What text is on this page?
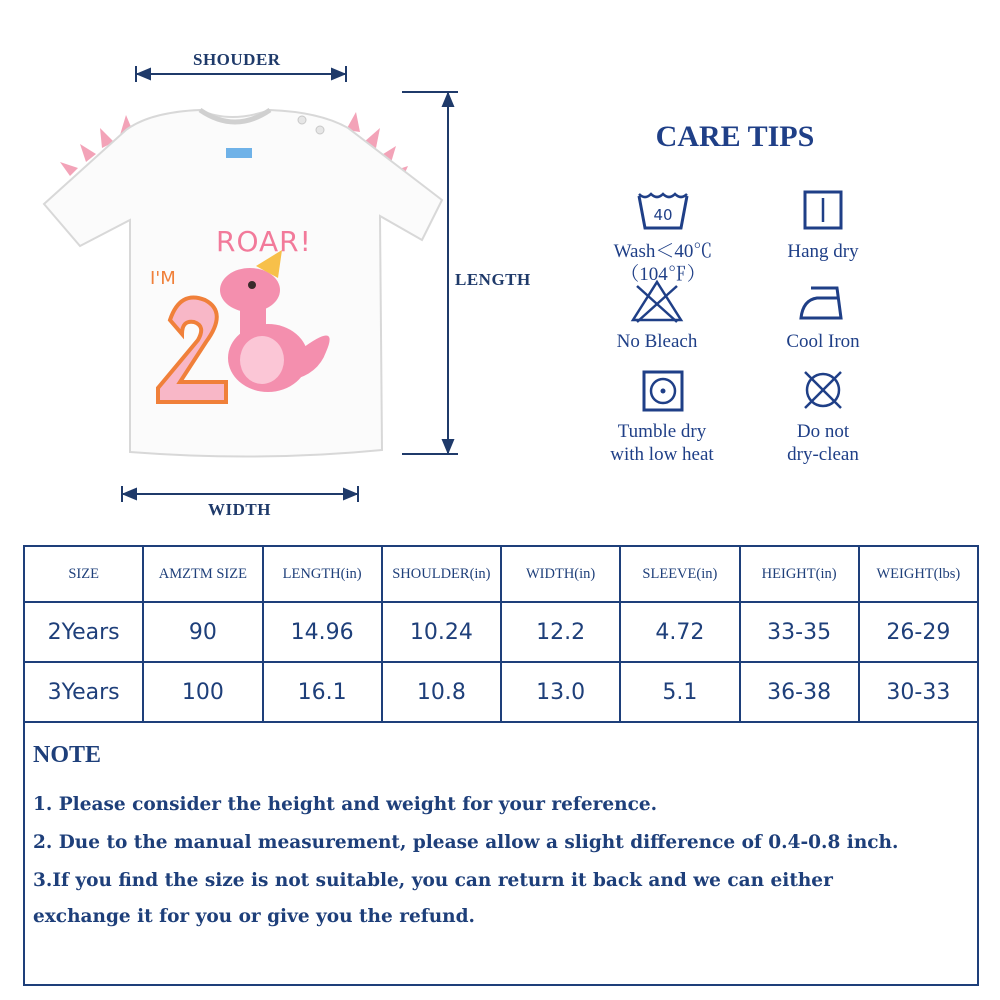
SHOUDER
LENGTH
WIDTH
ROAR!
I'M
CARE TIPS
40
Wash＜40℃
（104℉）
Hang dry
No Bleach	Cool Iron
Tumble dry
with low heat
Do not
dry-clean
SIZE	AMZTM SIZE	LENGTH(in)	SHOULDER(in)	WIDTH(in)	SLEEVE(in)	HEIGHT(in)	WEIGHT(lbs)
2Years	90	14.96	10.24	12.2	4.72	33-35	26-29
3Years	100	16.1	10.8	13.0	5.1	36-38	30-33
NOTE
1. Please consider the height and weight for your reference.
2. Due to the manual measurement, please allow a slight difference of 0.4-0.8 inch.
3.If you find the size is not suitable, you can return it back and we can either
exchange it for you or give you the refund.
